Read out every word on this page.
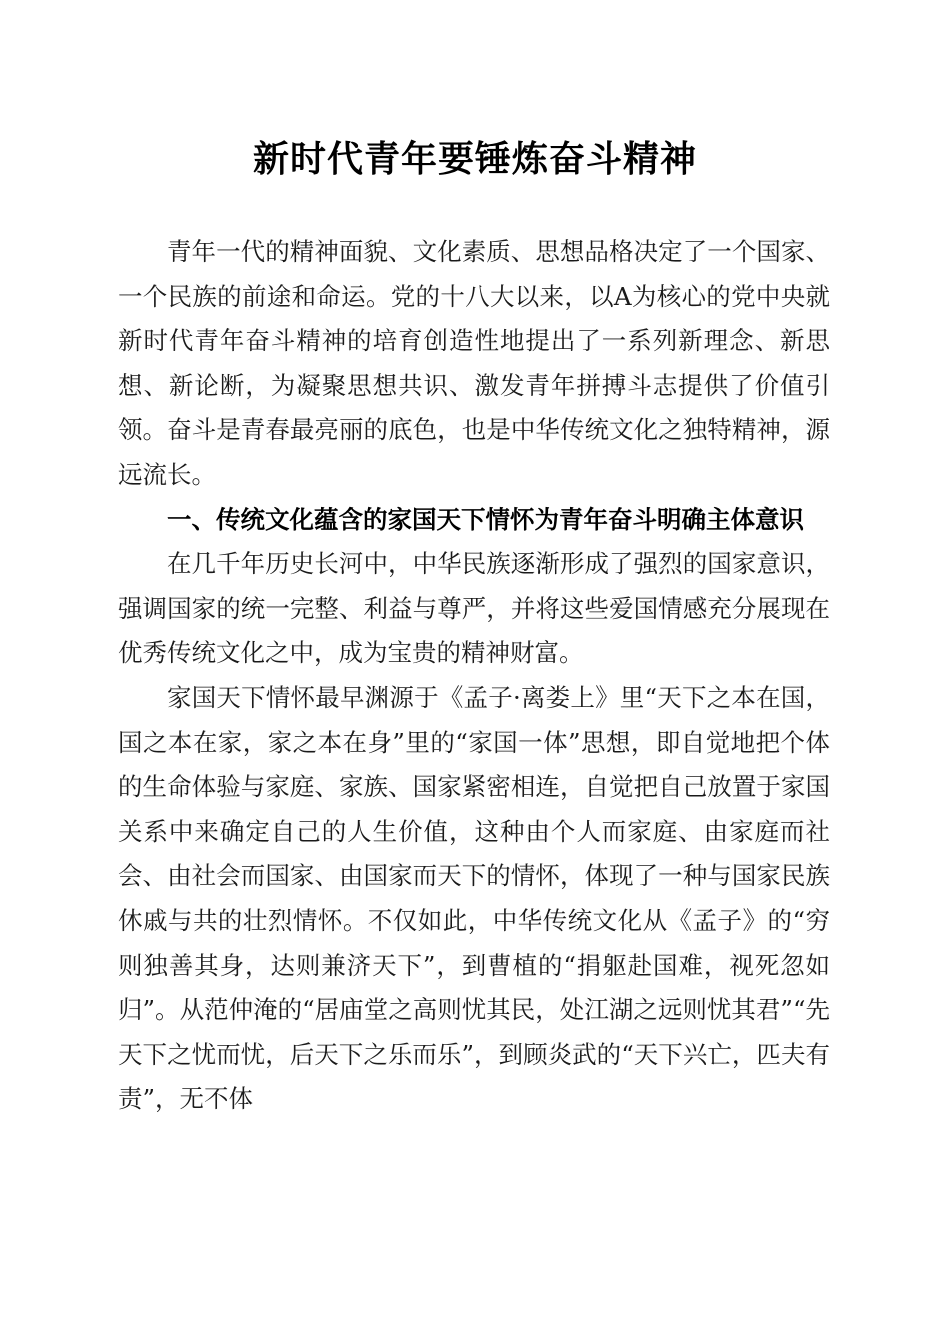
新时代青年要锤炼奋斗精神

青年一代的精神面貌、文化素质、思想品格决定了一个国家、一个民族的前途和命运。党的十八大以来，以A为核心的党中央就新时代青年奋斗精神的培育创造性地提出了一系列新理念、新思想、新论断，为凝聚思想共识、激发青年拼搏斗志提供了价值引领。奋斗是青春最亮丽的底色，也是中华传统文化之独特精神，源远流长。

一、传统文化蕴含的家国天下情怀为青年奋斗明确主体意识

在几千年历史长河中，中华民族逐渐形成了强烈的国家意识，强调国家的统一完整、利益与尊严，并将这些爱国情感充分展现在优秀传统文化之中，成为宝贵的精神财富。

家国天下情怀最早渊源于《孟子·离娄上》里“天下之本在国，国之本在家，家之本在身”里的“家国一体”思想，即自觉地把个体的生命体验与家庭、家族、国家紧密相连，自觉把自己放置于家国关系中来确定自己的人生价值，这种由个人而家庭、由家庭而社会、由社会而国家、由国家而天下的情怀，体现了一种与国家民族休戚与共的壮烈情怀。不仅如此，中华传统文化从《孟子》的“穷则独善其身，达则兼济天下”，到曹植的“捐躯赴国难，视死忽如归”。从范仲淹的“居庙堂之高则忧其民，处江湖之远则忧其君”“先天下之忧而忧，后天下之乐而乐”，到顾炎武的“天下兴亡，匹夫有责”，无不体
